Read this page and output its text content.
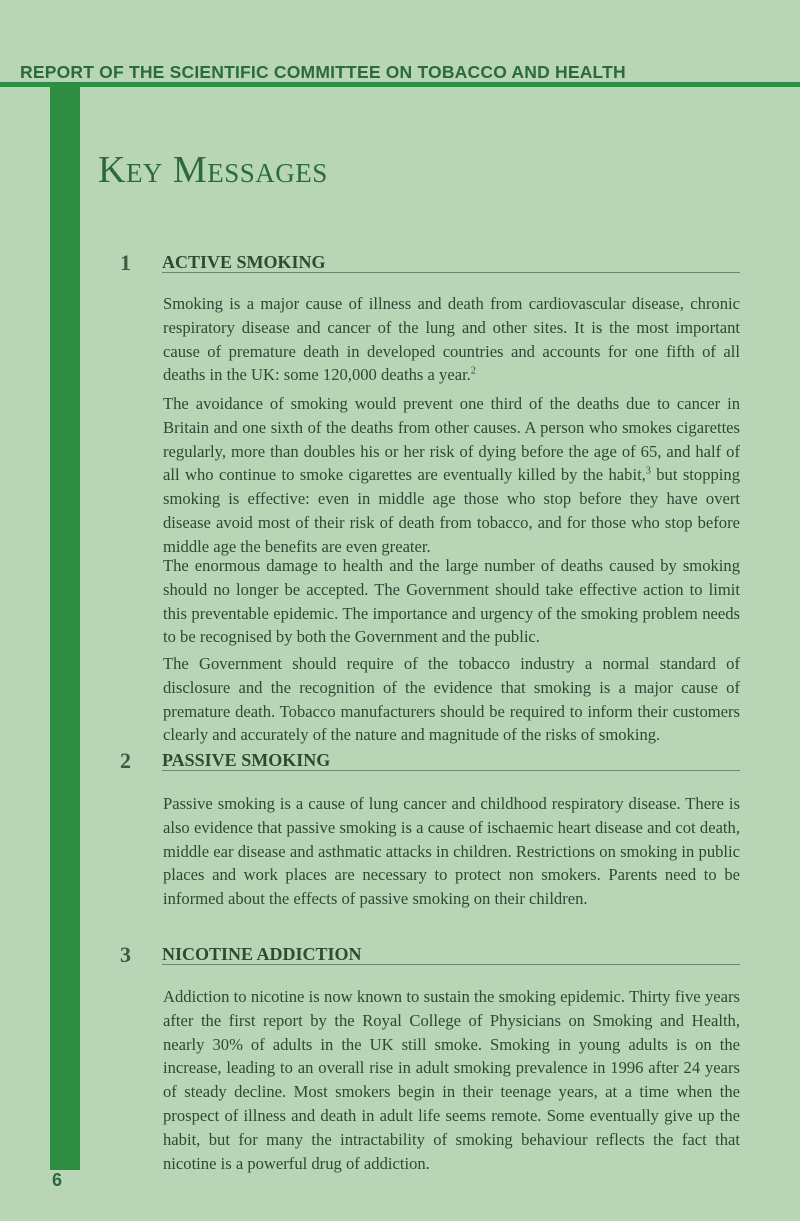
REPORT OF THE SCIENTIFIC COMMITTEE ON TOBACCO AND HEALTH
Key Messages
1 ACTIVE SMOKING

Smoking is a major cause of illness and death from cardiovascular disease, chronic respiratory disease and cancer of the lung and other sites. It is the most important cause of premature death in developed countries and accounts for one fifth of all deaths in the UK: some 120,000 deaths a year.$^2$

The avoidance of smoking would prevent one third of the deaths due to cancer in Britain and one sixth of the deaths from other causes. A person who smokes cigarettes regularly, more than doubles his or her risk of dying before the age of 65, and half of all who continue to smoke cigarettes are eventually killed by the habit,$^3$ but stopping smoking is effective: even in middle age those who stop before they have overt disease avoid most of their risk of death from tobacco, and for those who stop before middle age the benefits are even greater.

The enormous damage to health and the large number of deaths caused by smoking should no longer be accepted. The Government should take effective action to limit this preventable epidemic. The importance and urgency of the smoking problem needs to be recognised by both the Government and the public.

The Government should require of the tobacco industry a normal standard of disclosure and the recognition of the evidence that smoking is a major cause of premature death. Tobacco manufacturers should be required to inform their customers clearly and accurately of the nature and magnitude of the risks of smoking.

2 PASSIVE SMOKING

Passive smoking is a cause of lung cancer and childhood respiratory disease. There is also evidence that passive smoking is a cause of ischaemic heart disease and cot death, middle ear disease and asthmatic attacks in children. Restrictions on smoking in public places and work places are necessary to protect non smokers. Parents need to be informed about the effects of passive smoking on their children.

3 NICOTINE ADDICTION

Addiction to nicotine is now known to sustain the smoking epidemic. Thirty five years after the first report by the Royal College of Physicians on Smoking and Health, nearly 30% of adults in the UK still smoke. Smoking in young adults is on the increase, leading to an overall rise in adult smoking prevalence in 1996 after 24 years of steady decline. Most smokers begin in their teenage years, at a time when the prospect of illness and death in adult life seems remote. Some eventually give up the habit, but for many the intractability of smoking behaviour reflects the fact that nicotine is a powerful drug of addiction.

6
